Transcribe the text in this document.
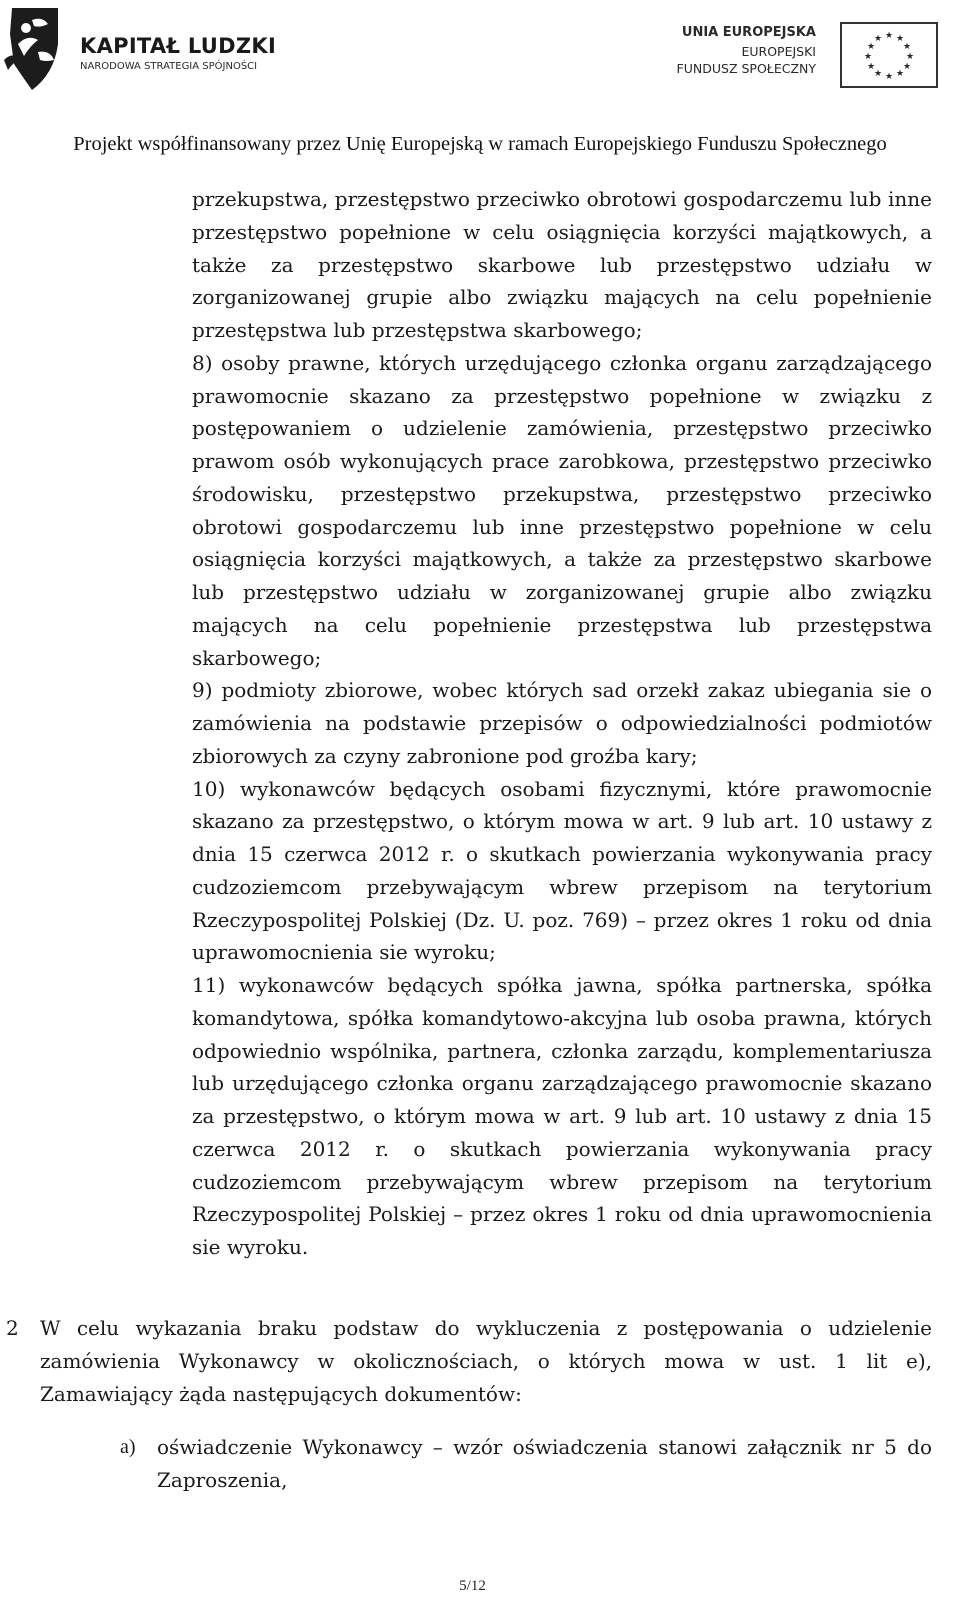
KAPITAŁ LUDZKI
NARODOWA STRATEGIA SPÓJNOŚCI
UNIA EUROPEJSKA
EUROPEJSKI
FUNDUSZ SPOŁECZNY
★ ★
★
★
★
★
★
★
★
★
★
★
Projekt współfinansowany przez Unię Europejską w ramach Europejskiego Funduszu Społecznego

przekupstwa, przestępstwo przeciwko obrotowi gospodarczemu lub inne przestępstwo popełnione w celu osiągnięcia korzyści majątkowych, a także za przestępstwo skarbowe lub przestępstwo udziału w zorganizowanej grupie albo związku mających na celu popełnienie przestępstwa lub przestępstwa skarbowego;

8) osoby prawne, których urzędującego członka organu zarządzającego prawomocnie skazano za przestępstwo popełnione w związku z postępowaniem o udzielenie zamówienia, przestępstwo przeciwko prawom osób wykonujących prace zarobkowa, przestępstwo przeciwko środowisku, przestępstwo przekupstwa, przestępstwo przeciwko obrotowi gospodarczemu lub inne przestępstwo popełnione w celu osiągnięcia korzyści majątkowych, a także za przestępstwo skarbowe lub przestępstwo udziału w zorganizowanej grupie albo związku mających na celu popełnienie przestępstwa lub przestępstwa skarbowego;

9) podmioty zbiorowe, wobec których sad orzekł zakaz ubiegania sie o zamówienia na podstawie przepisów o odpowiedzialności podmiotów zbiorowych za czyny zabronione pod groźba kary;

10) wykonawców będących osobami fizycznymi, które prawomocnie skazano za przestępstwo, o którym mowa w art. 9 lub art. 10 ustawy z dnia 15 czerwca 2012 r. o skutkach powierzania wykonywania pracy cudzoziemcom przebywającym wbrew przepisom na terytorium Rzeczypospolitej Polskiej (Dz. U. poz. 769) – przez okres 1 roku od dnia uprawomocnienia sie wyroku;

11) wykonawców będących spółka jawna, spółka partnerska, spółka komandytowa, spółka komandytowo-akcyjna lub osoba prawna, których odpowiednio wspólnika, partnera, członka zarządu, komplementariusza lub urzędującego członka organu zarządzającego prawomocnie skazano za przestępstwo, o którym mowa w art. 9 lub art. 10 ustawy z dnia 15 czerwca 2012 r. o skutkach powierzania wykonywania pracy cudzoziemcom przebywającym wbrew przepisom na terytorium Rzeczypospolitej Polskiej – przez okres 1 roku od dnia uprawomocnienia sie wyroku.

2 W celu wykazania braku podstaw do wykluczenia z postępowania o udzielenie zamówienia Wykonawcy w okolicznościach, o których mowa w ust. 1 lit e), Zamawiający żąda następujących dokumentów:

a) oświadczenie Wykonawcy – wzór oświadczenia stanowi załącznik nr 5 do Zaproszenia,

5/12
